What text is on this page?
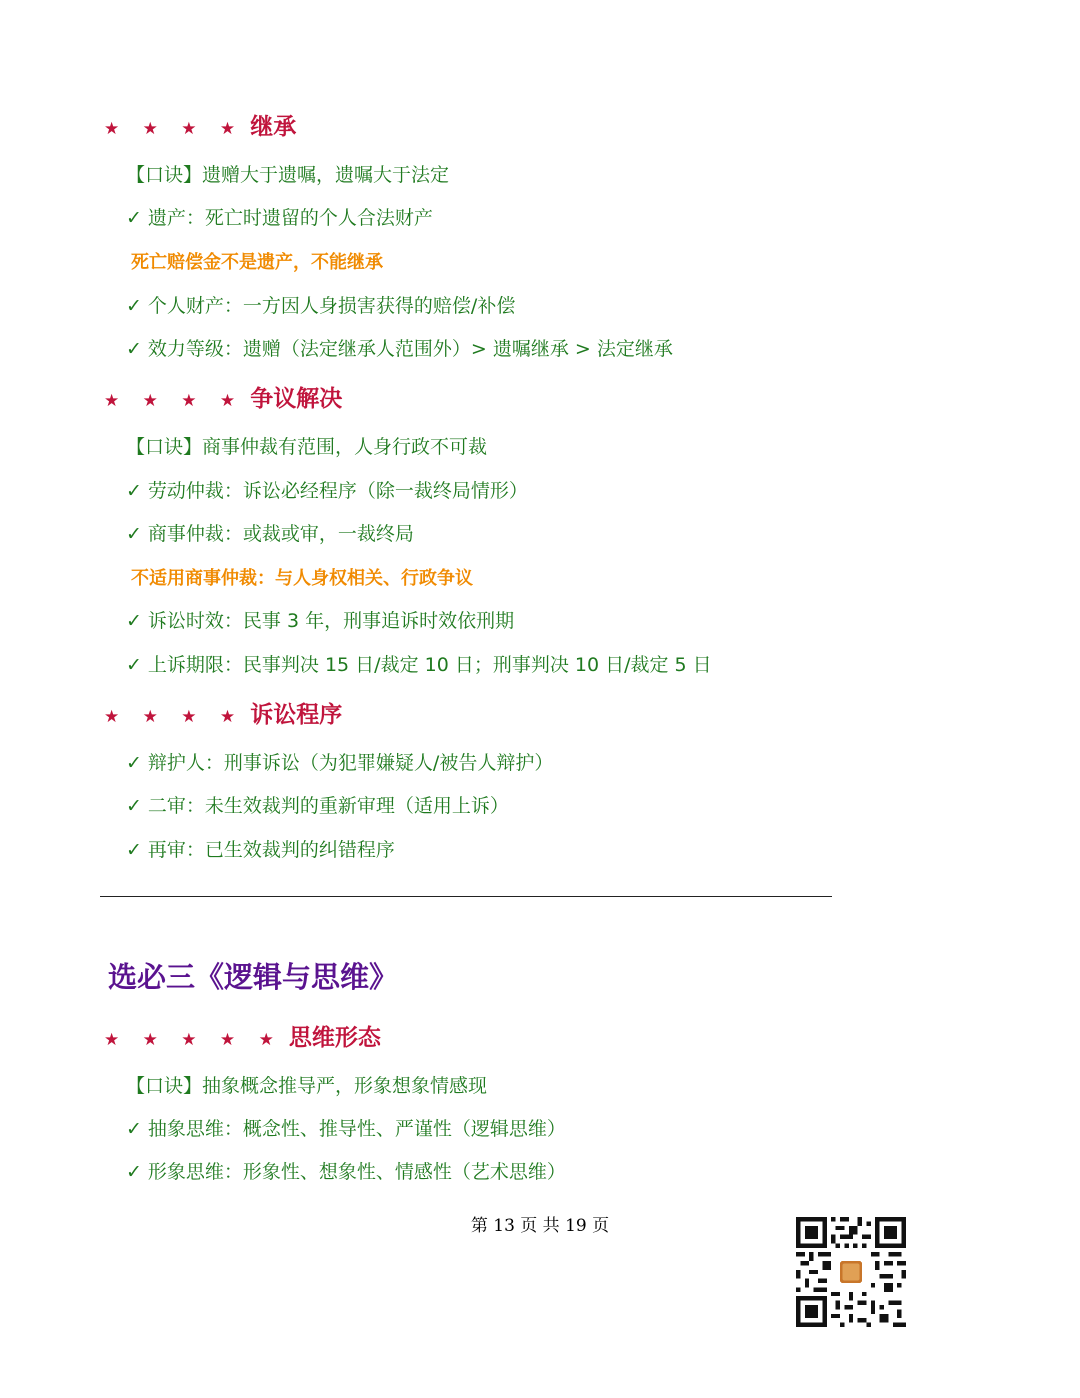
★ ★ ★ ★ 继承
【口诀】遗赠大于遗嘱，遗嘱大于法定
✓ 遗产：死亡时遗留的个人合法财产
死亡赔偿金不是遗产，不能继承
✓ 个人财产：一方因人身损害获得的赔偿/补偿
✓ 效力等级：遗赠（法定继承人范围外）> 遗嘱继承 > 法定继承
★ ★ ★ ★ 争议解决
【口诀】商事仲裁有范围，人身行政不可裁
✓ 劳动仲裁：诉讼必经程序（除一裁终局情形）
✓ 商事仲裁：或裁或审，一裁终局
不适用商事仲裁：与人身权相关、行政争议
✓ 诉讼时效：民事 3 年，刑事追诉时效依刑期
✓ 上诉期限：民事判决 15 日/裁定 10 日；刑事判决 10 日/裁定 5 日
★ ★ ★ ★ 诉讼程序
✓ 辩护人：刑事诉讼（为犯罪嫌疑人/被告人辩护）
✓ 二审：未生效裁判的重新审理（适用上诉）
✓ 再审：已生效裁判的纠错程序
选必三《逻辑与思维》
★ ★ ★ ★ ★ 思维形态
【口诀】抽象概念推导严，形象想象情感现
✓ 抽象思维：概念性、推导性、严谨性（逻辑思维）
✓ 形象思维：形象性、想象性、情感性（艺术思维）
第 13 页 共 19 页
